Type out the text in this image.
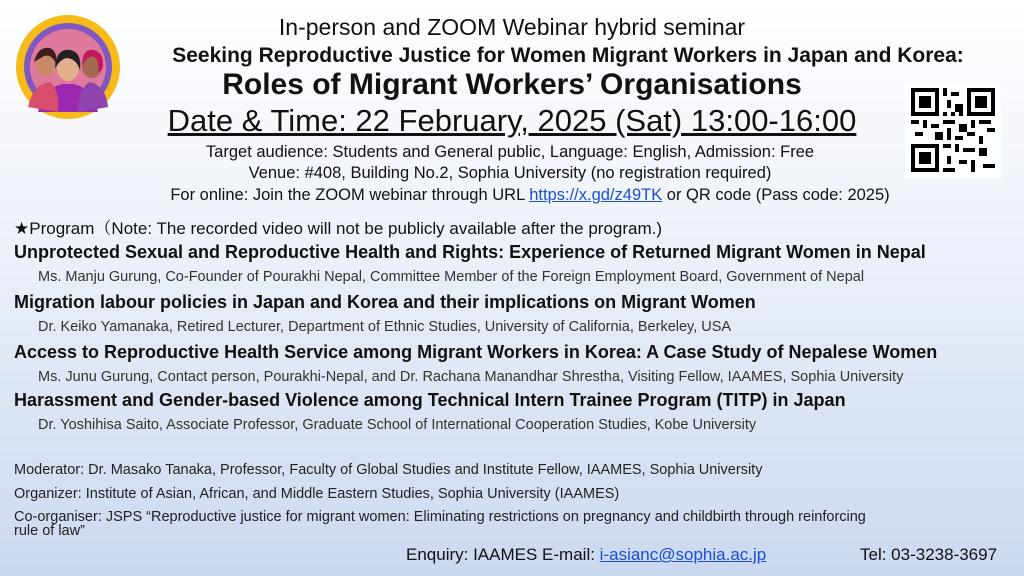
In-person and ZOOM Webinar hybrid seminar
Seeking Reproductive Justice for Women Migrant Workers in Japan and Korea:
Roles of Migrant Workers’ Organisations
Date & Time: 22 February, 2025 (Sat) 13:00-16:00
Target audience: Students and General public, Language: English, Admission: Free
Venue: #408, Building No.2, Sophia University (no registration required)
For online: Join the ZOOM webinar through URL https://x.gd/z49TK or QR code (Pass code: 2025)
★Program（Note: The recorded video will not be publicly available after the program.)
Unprotected Sexual and Reproductive Health and Rights: Experience of Returned Migrant Women in Nepal
Ms. Manju Gurung, Co-Founder of Pourakhi Nepal, Committee Member of the Foreign Employment Board, Government of Nepal
Migration labour policies in Japan and Korea and their implications on Migrant Women
Dr. Keiko Yamanaka, Retired Lecturer, Department of Ethnic Studies, University of California, Berkeley, USA
Access to Reproductive Health Service among Migrant Workers in Korea: A Case Study of Nepalese Women
Ms. Junu Gurung, Contact person, Pourakhi-Nepal, and Dr. Rachana Manandhar Shrestha, Visiting Fellow, IAAMES, Sophia University
Harassment and Gender-based Violence among Technical Intern Trainee Program (TITP) in Japan
Dr. Yoshihisa Saito, Associate Professor, Graduate School of International Cooperation Studies, Kobe University
Moderator: Dr. Masako Tanaka, Professor, Faculty of Global Studies and Institute Fellow, IAAMES, Sophia University
Organizer: Institute of Asian, African, and Middle Eastern Studies, Sophia University (IAAMES)
Co-organiser: JSPS “Reproductive justice for migrant women: Eliminating restrictions on pregnancy and childbirth through reinforcing
rule of law”
Enquiry: IAAMES E-mail: i-asianc@sophia.ac.jp	Tel: 03-3238-3697
